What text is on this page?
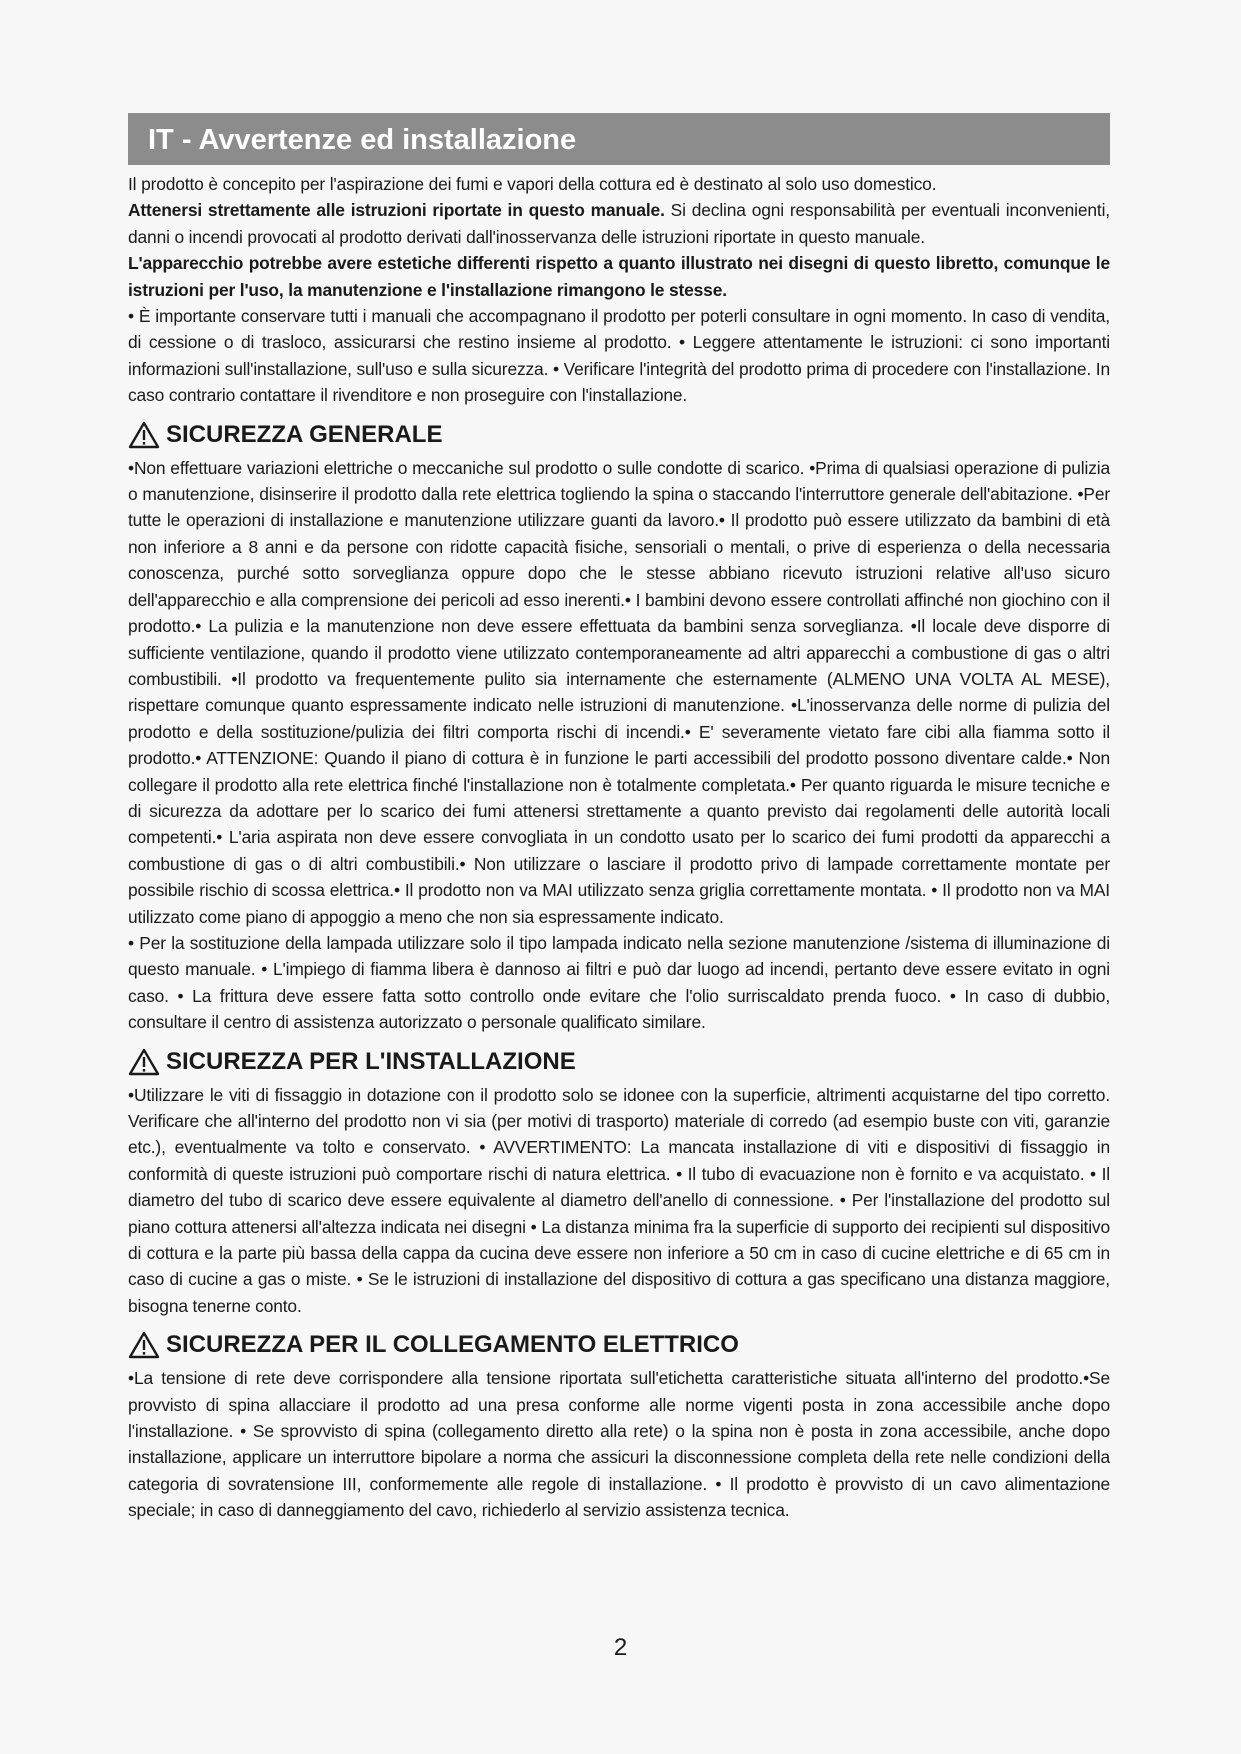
IT - Avvertenze ed installazione

Il prodotto è concepito per l'aspirazione dei fumi e vapori della cottura ed è destinato al solo uso domestico.

Attenersi strettamente alle istruzioni riportate in questo manuale. Si declina ogni responsabilità per eventuali inconvenienti, danni o incendi provocati al prodotto derivati dall'inosservanza delle istruzioni riportate in questo manuale.

L'apparecchio potrebbe avere estetiche differenti rispetto a quanto illustrato nei disegni di questo libretto, comunque le istruzioni per l'uso, la manutenzione e l'installazione rimangono le stesse.

• È importante conservare tutti i manuali che accompagnano il prodotto per poterli consultare in ogni momento. In caso di vendita, di cessione o di trasloco, assicurarsi che restino insieme al prodotto. • Leggere attentamente le istruzioni: ci sono importanti informazioni sull'installazione, sull'uso e sulla sicurezza. • Verificare l'integrità del prodotto prima di procedere con l'installazione. In caso contrario contattare il rivenditore e non proseguire con l'installazione.

SICUREZZA GENERALE

•Non effettuare variazioni elettriche o meccaniche sul prodotto o sulle condotte di scarico. •Prima di qualsiasi operazione di pulizia o manutenzione, disinserire il prodotto dalla rete elettrica togliendo la spina o staccando l'interruttore generale dell'abitazione. •Per tutte le operazioni di installazione e manutenzione utilizzare guanti da lavoro.• Il prodotto può essere utilizzato da bambini di età non inferiore a 8 anni e da persone con ridotte capacità fisiche, sensoriali o mentali, o prive di esperienza o della necessaria conoscenza, purché sotto sorveglianza oppure dopo che le stesse abbiano ricevuto istruzioni relative all'uso sicuro dell'apparecchio e alla comprensione dei pericoli ad esso inerenti.• I bambini devono essere controllati affinché non giochino con il prodotto.• La pulizia e la manutenzione non deve essere effettuata da bambini senza sorveglianza. •Il locale deve disporre di sufficiente ventilazione, quando il prodotto viene utilizzato contemporaneamente ad altri apparecchi a combustione di gas o altri combustibili. •Il prodotto va frequentemente pulito sia internamente che esternamente (ALMENO UNA VOLTA AL MESE), rispettare comunque quanto espressamente indicato nelle istruzioni di manutenzione. •L'inosservanza delle norme di pulizia del prodotto e della sostituzione/pulizia dei filtri comporta rischi di incendi.• E' severamente vietato fare cibi alla fiamma sotto il prodotto.• ATTENZIONE: Quando il piano di cottura è in funzione le parti accessibili del prodotto possono diventare calde.• Non collegare il prodotto alla rete elettrica finché l'installazione non è totalmente completata.• Per quanto riguarda le misure tecniche e di sicurezza da adottare per lo scarico dei fumi attenersi strettamente a quanto previsto dai regolamenti delle autorità locali competenti.• L'aria aspirata non deve essere convogliata in un condotto usato per lo scarico dei fumi prodotti da apparecchi a combustione di gas o di altri combustibili.• Non utilizzare o lasciare il prodotto privo di lampade correttamente montate per possibile rischio di scossa elettrica.• Il prodotto non va MAI utilizzato senza griglia correttamente montata. • Il prodotto non va MAI utilizzato come piano di appoggio a meno che non sia espressamente indicato.

• Per la sostituzione della lampada utilizzare solo il tipo lampada indicato nella sezione manutenzione /sistema di illuminazione di questo manuale. • L'impiego di fiamma libera è dannoso ai filtri e può dar luogo ad incendi, pertanto deve essere evitato in ogni caso. • La frittura deve essere fatta sotto controllo onde evitare che l'olio surriscaldato prenda fuoco. • In caso di dubbio, consultare il centro di assistenza autorizzato o personale qualificato similare.

SICUREZZA PER L'INSTALLAZIONE

•Utilizzare le viti di fissaggio in dotazione con il prodotto solo se idonee con la superficie, altrimenti acquistarne del tipo corretto. Verificare che all'interno del prodotto non vi sia (per motivi di trasporto) materiale di corredo (ad esempio buste con viti, garanzie etc.), eventualmente va tolto e conservato. • AVVERTIMENTO: La mancata installazione di viti e dispositivi di fissaggio in conformità di queste istruzioni può comportare rischi di natura elettrica. • Il tubo di evacuazione non è fornito e va acquistato. • Il diametro del tubo di scarico deve essere equivalente al diametro dell'anello di connessione. • Per l'installazione del prodotto sul piano cottura attenersi all'altezza indicata nei disegni • La distanza minima fra la superficie di supporto dei recipienti sul dispositivo di cottura e la parte più bassa della cappa da cucina deve essere non inferiore a 50 cm in caso di cucine elettriche e di 65 cm in caso di cucine a gas o miste. • Se le istruzioni di installazione del dispositivo di cottura a gas specificano una distanza maggiore, bisogna tenerne conto.

SICUREZZA PER IL COLLEGAMENTO ELETTRICO

•La tensione di rete deve corrispondere alla tensione riportata sull'etichetta caratteristiche situata all'interno del prodotto.•Se provvisto di spina allacciare il prodotto ad una presa conforme alle norme vigenti posta in zona accessibile anche dopo l'installazione. • Se sprovvisto di spina (collegamento diretto alla rete) o la spina non è posta in zona accessibile, anche dopo installazione, applicare un interruttore bipolare a norma che assicuri la disconnessione completa della rete nelle condizioni della categoria di sovratensione III, conformemente alle regole di installazione. • Il prodotto è provvisto di un cavo alimentazione speciale; in caso di danneggiamento del cavo, richiederlo al servizio assistenza tecnica.

2
